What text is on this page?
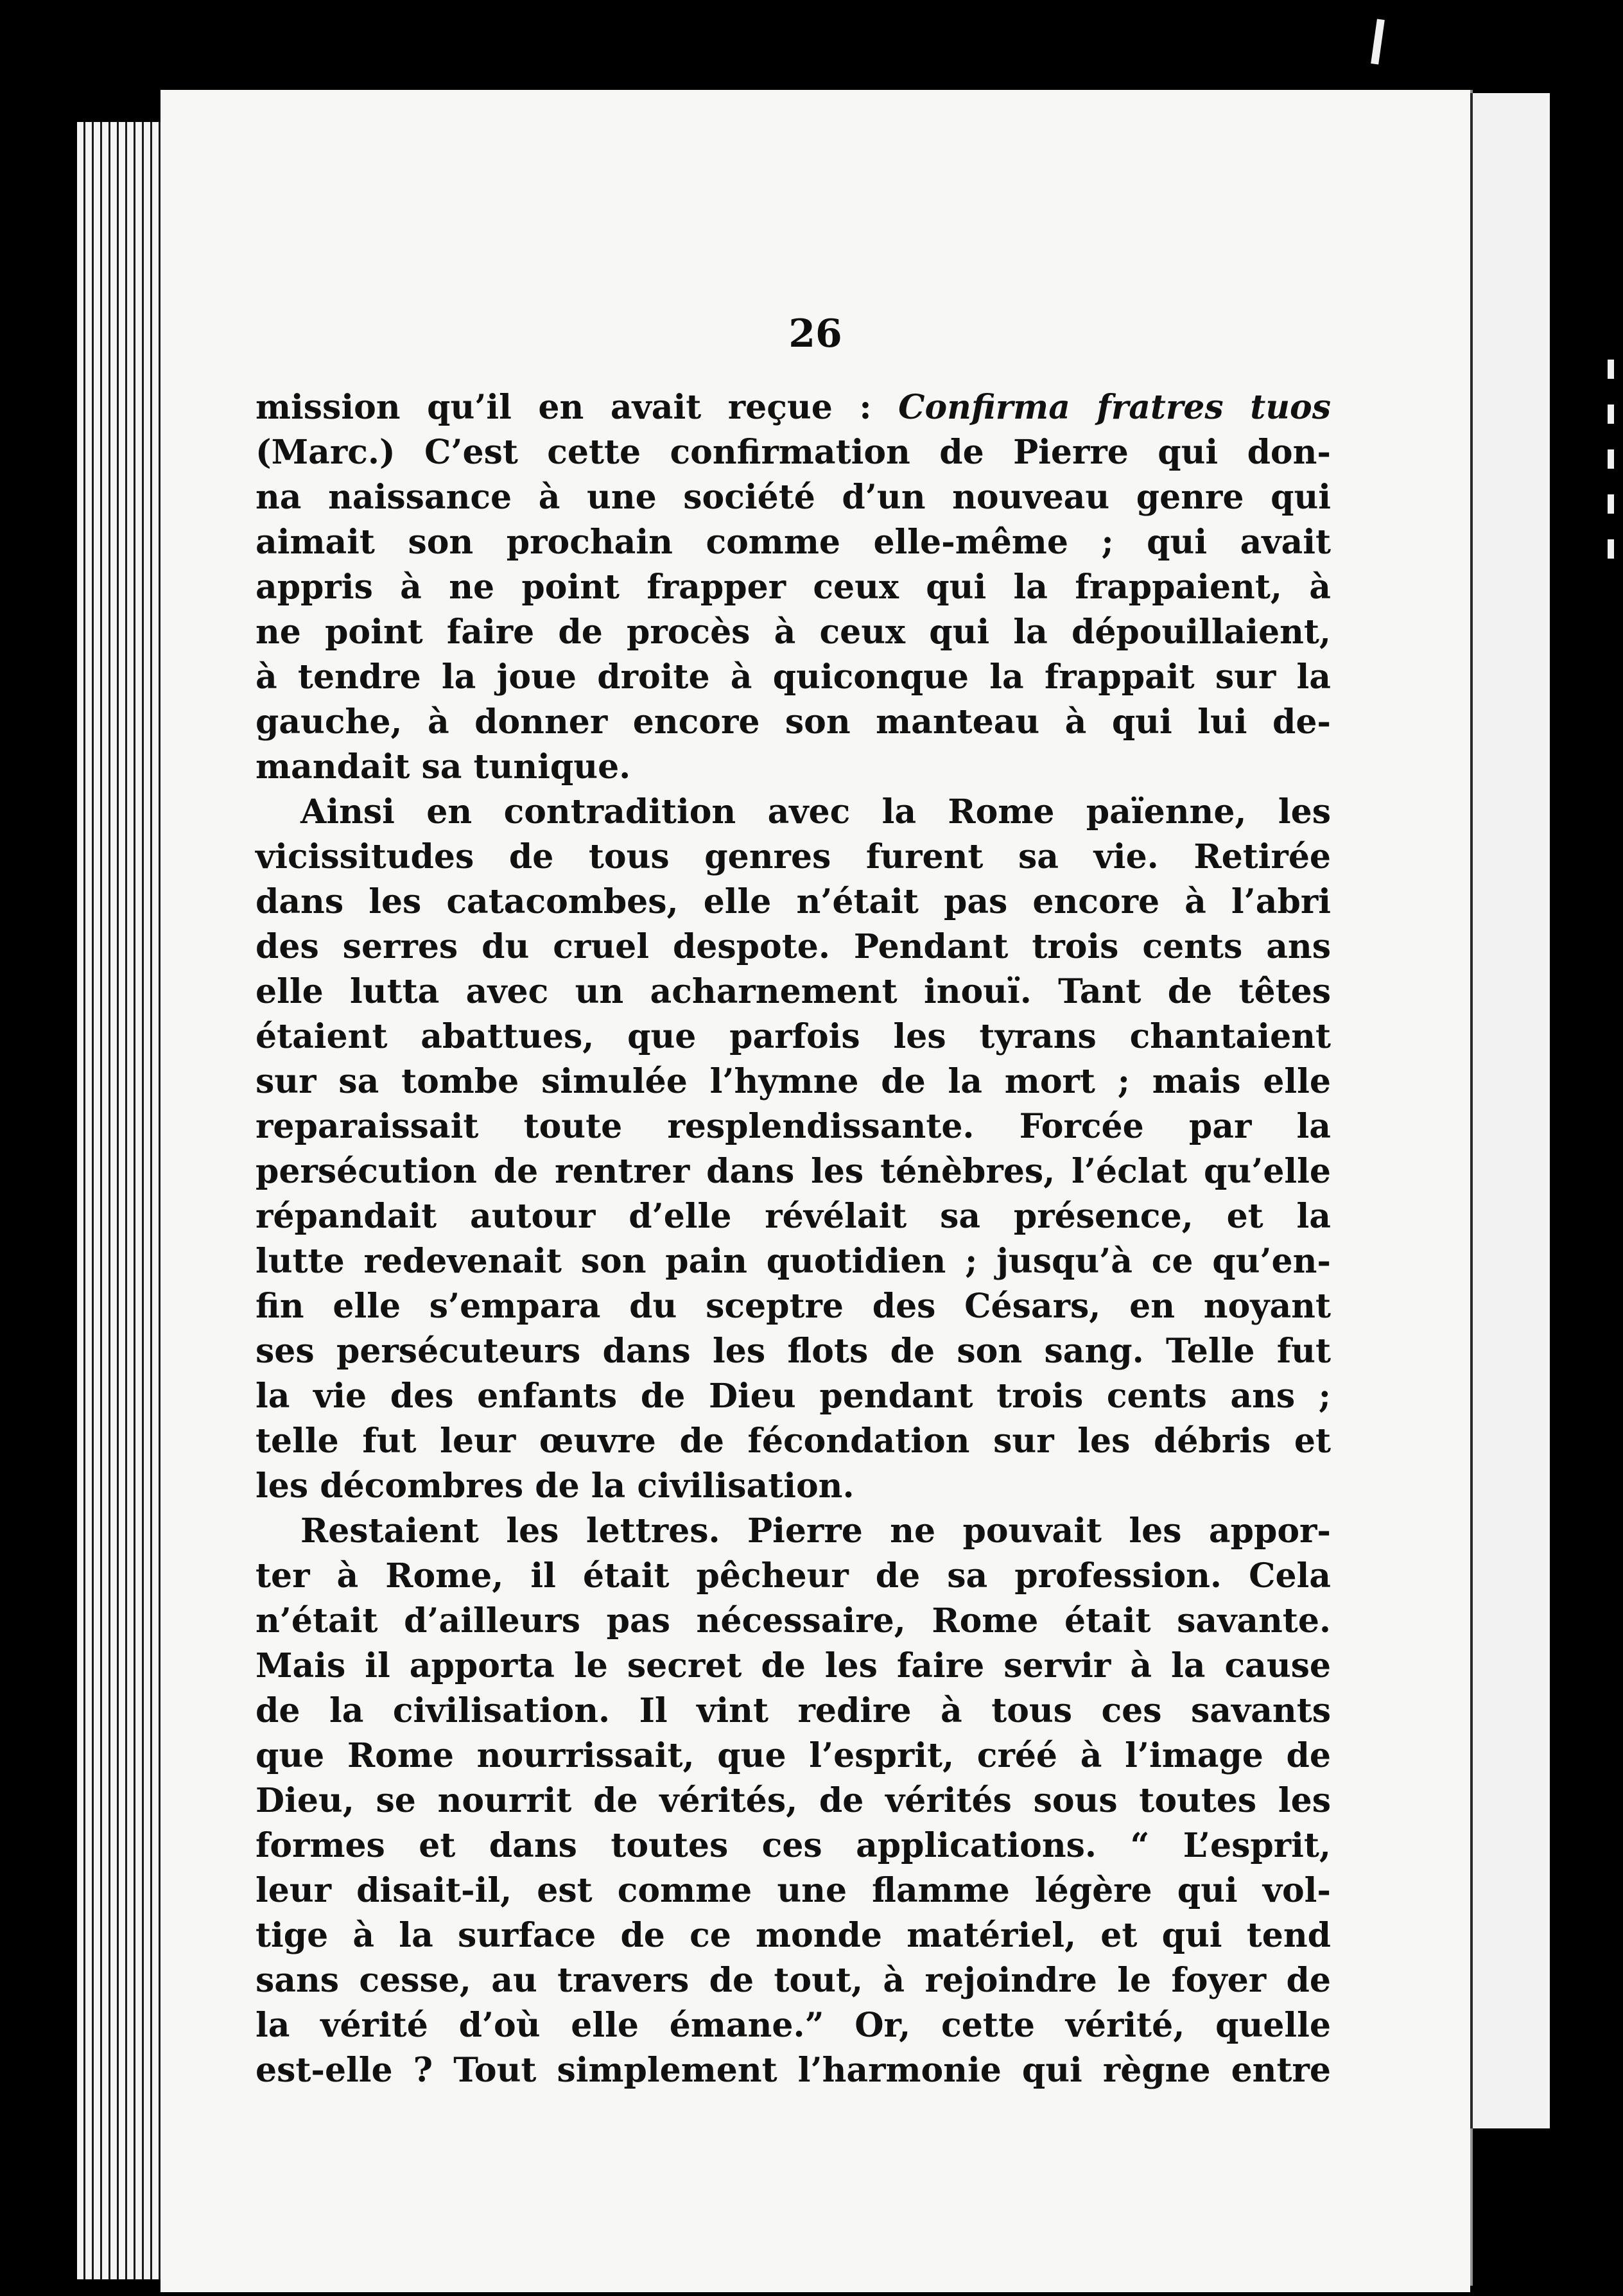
26
mission qu’il en avait reçue : Confirma fratres tuos
(Marc.) C’est cette confirmation de Pierre qui don-
na naissance à une société d’un nouveau genre qui
aimait son prochain comme elle-même ; qui avait
appris à ne point frapper ceux qui la frappaient, à
ne point faire de procès à ceux qui la dépouillaient,
à tendre la joue droite à quiconque la frappait sur la
gauche, à donner encore son manteau à qui lui de-
mandait sa tunique.
Ainsi en contradition avec la Rome païenne, les
vicissitudes de tous genres furent sa vie. Retirée
dans les catacombes, elle n’était pas encore à l’abri
des serres du cruel despote. Pendant trois cents ans
elle lutta avec un acharnement inouï. Tant de têtes
étaient abattues, que parfois les tyrans chantaient
sur sa tombe simulée l’hymne de la mort ; mais elle
reparaissait toute resplendissante. Forcée par la
persécution de rentrer dans les ténèbres, l’éclat qu’elle
répandait autour d’elle révélait sa présence, et la
lutte redevenait son pain quotidien ; jusqu’à ce qu’en-
fin elle s’empara du sceptre des Césars, en noyant
ses persécuteurs dans les flots de son sang. Telle fut
la vie des enfants de Dieu pendant trois cents ans ;
telle fut leur œuvre de fécondation sur les débris et
les décombres de la civilisation.
Restaient les lettres. Pierre ne pouvait les appor-
ter à Rome, il était pêcheur de sa profession. Cela
n’était d’ailleurs pas nécessaire, Rome était savante.
Mais il apporta le secret de les faire servir à la cause
de la civilisation. Il vint redire à tous ces savants
que Rome nourrissait, que l’esprit, créé à l’image de
Dieu, se nourrit de vérités, de vérités sous toutes les
formes et dans toutes ces applications. “ L’esprit,
leur disait-il, est comme une flamme légère qui vol-
tige à la surface de ce monde matériel, et qui tend
sans cesse, au travers de tout, à rejoindre le foyer de
la vérité d’où elle émane.” Or, cette vérité, quelle
est-elle ? Tout simplement l’harmonie qui règne entre
